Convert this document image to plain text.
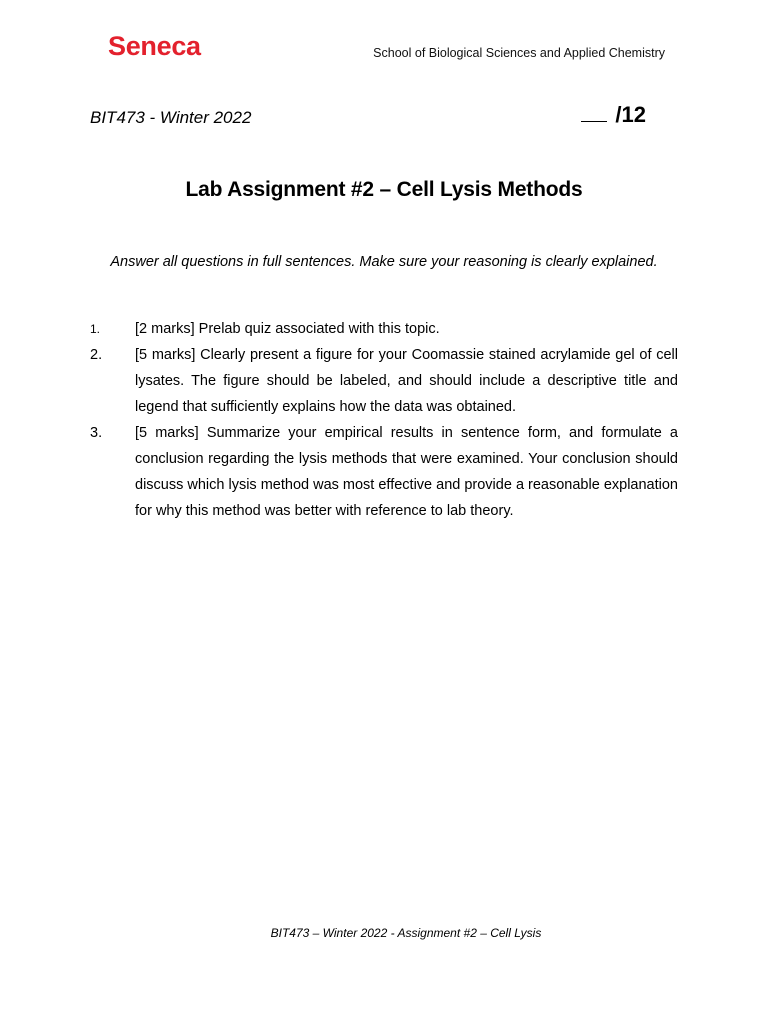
Seneca	School of Biological Sciences and Applied Chemistry
BIT473 - Winter 2022	/12
Lab Assignment #2 – Cell Lysis Methods
Answer all questions in full sentences. Make sure your reasoning is clearly explained.
1.	[2 marks] Prelab quiz associated with this topic.
2.	[5 marks] Clearly present a figure for your Coomassie stained acrylamide gel of cell lysates. The figure should be labeled, and should include a descriptive title and legend that sufficiently explains how the data was obtained.
3.	[5 marks] Summarize your empirical results in sentence form, and formulate a conclusion regarding the lysis methods that were examined. Your conclusion should discuss which lysis method was most effective and provide a reasonable explanation for why this method was better with reference to lab theory.
BIT473 – Winter 2022 - Assignment #2 – Cell Lysis
